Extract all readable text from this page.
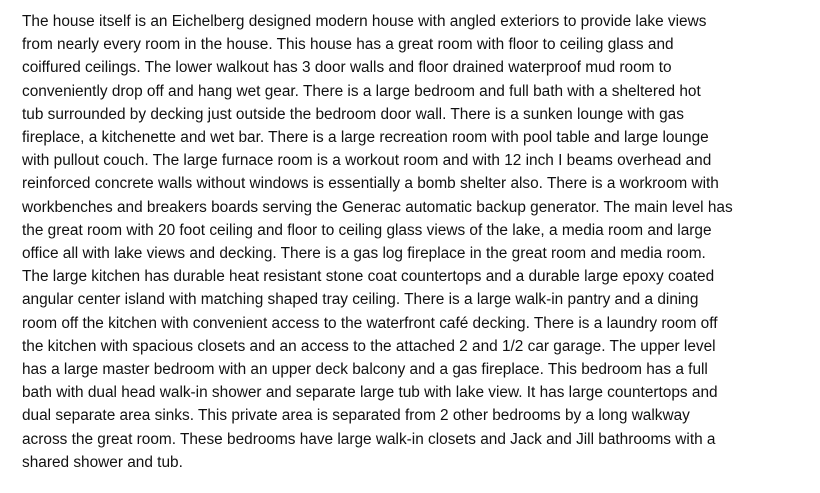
The house itself is an Eichelberg designed modern house with angled exteriors to provide lake views
from nearly every room in the house. This house has a great room with floor to ceiling glass and
coiffured ceilings. The lower walkout has 3 door walls and floor drained waterproof mud room to
conveniently drop off and hang wet gear. There is a large bedroom and full bath with a sheltered hot
tub surrounded by decking just outside the bedroom door wall. There is a sunken lounge with gas
fireplace, a kitchenette and wet bar. There is a large recreation room with pool table and large lounge
with pullout couch. The large furnace room is a workout room and with 12 inch I beams overhead and
reinforced concrete walls without windows is essentially a bomb shelter also. There is a workroom with
workbenches and breakers boards serving the Generac automatic backup generator. The main level has
the great room with 20 foot ceiling and floor to ceiling glass views of the lake, a media room and large
office all with lake views and decking. There is a gas log fireplace in the great room and media room.
The large kitchen has durable heat resistant stone coat countertops and a durable large epoxy coated
angular center island with matching shaped tray ceiling. There is a large walk-in pantry and a dining
room off the kitchen with convenient access to the waterfront café decking. There is a laundry room off
the kitchen with spacious closets and an access to the attached 2 and 1/2 car garage. The upper level
has a large master bedroom with an upper deck balcony and a gas fireplace. This bedroom has a full
bath with dual head walk-in shower and separate large tub with lake view. It has large countertops and
dual separate area sinks. This private area is separated from 2 other bedrooms by a long walkway
across the great room. These bedrooms have large walk-in closets and Jack and Jill bathrooms with a
shared shower and tub.
